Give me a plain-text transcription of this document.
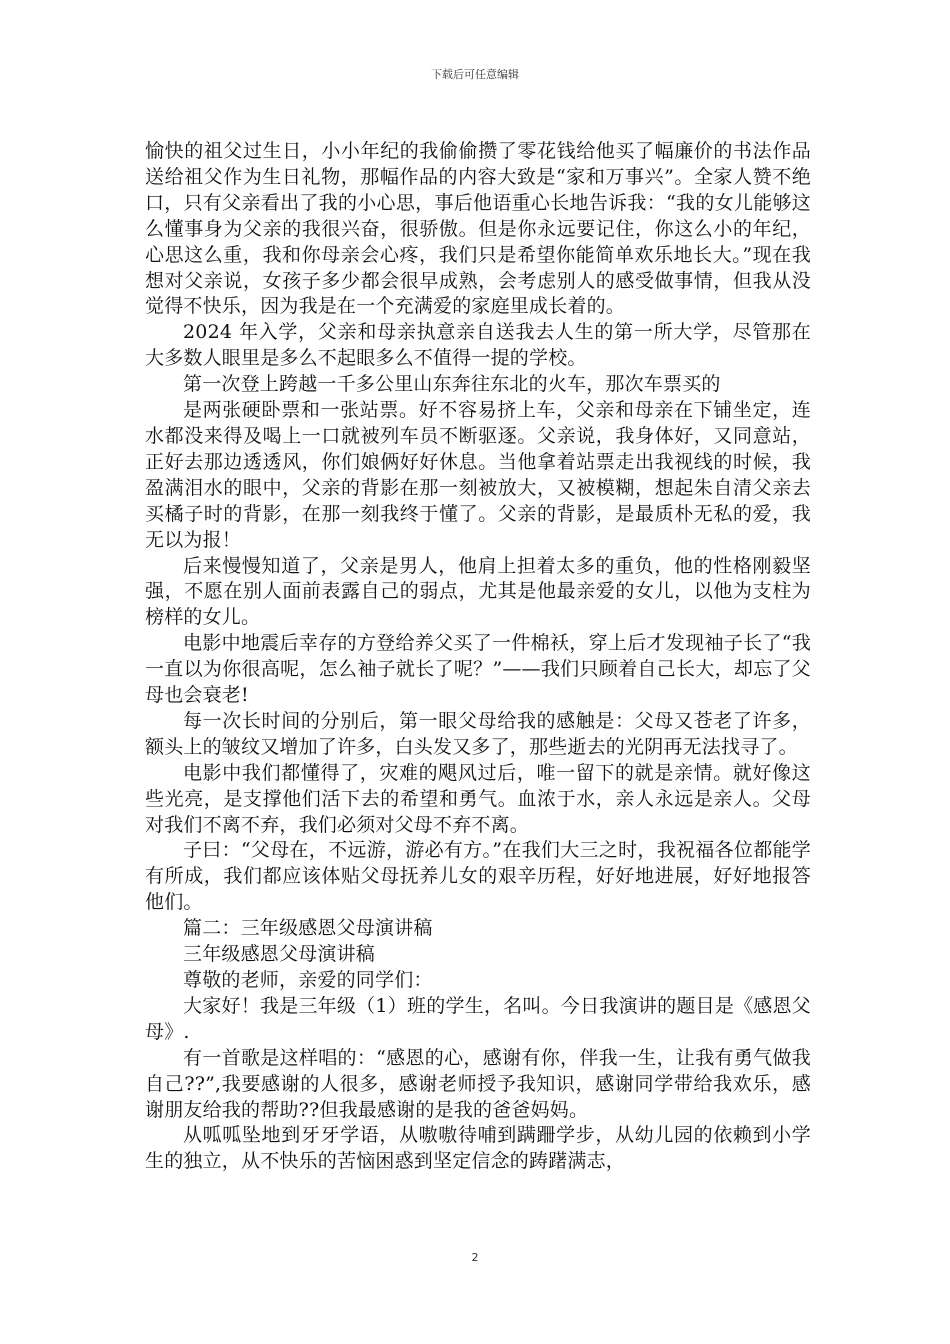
下载后可任意编辑

愉快的祖父过生日，小小年纪的我偷偷攒了零花钱给他买了幅廉价的书法作品送给祖父作为生日礼物，那幅作品的内容大致是“家和万事兴”。全家人赞不绝口，只有父亲看出了我的小心思，事后他语重心长地告诉我：“我的女儿能够这么懂事身为父亲的我很兴奋，很骄傲。但是你永远要记住，你这么小的年纪，心思这么重，我和你母亲会心疼，我们只是希望你能简单欢乐地长大。”现在我想对父亲说，女孩子多少都会很早成熟，会考虑别人的感受做事情，但我从没觉得不快乐，因为我是在一个充满爱的家庭里成长着的。

2024 年入学，父亲和母亲执意亲自送我去人生的第一所大学，尽管那在大多数人眼里是多么不起眼多么不值得一提的学校。

第一次登上跨越一千多公里山东奔往东北的火车，那次车票买的

是两张硬卧票和一张站票。好不容易挤上车，父亲和母亲在下铺坐定，连水都没来得及喝上一口就被列车员不断驱逐。父亲说，我身体好，又同意站，正好去那边透透风，你们娘俩好好休息。当他拿着站票走出我视线的时候，我盈满泪水的眼中，父亲的背影在那一刻被放大，又被模糊，想起朱自清父亲去买橘子时的背影，在那一刻我终于懂了。父亲的背影，是最质朴无私的爱，我无以为报！

后来慢慢知道了，父亲是男人，他肩上担着太多的重负，他的性格刚毅坚强，不愿在别人面前表露自己的弱点，尤其是他最亲爱的女儿，以他为支柱为榜样的女儿。

电影中地震后幸存的方登给养父买了一件棉袄，穿上后才发现袖子长了“我一直以为你很高呢，怎么袖子就长了呢？”——我们只顾着自己长大，却忘了父母也会衰老!

每一次长时间的分别后，第一眼父母给我的感触是：父母又苍老了许多，额头上的皱纹又增加了许多，白头发又多了，那些逝去的光阴再无法找寻了。

电影中我们都懂得了，灾难的飓风过后，唯一留下的就是亲情。就好像这些光亮，是支撑他们活下去的希望和勇气。血浓于水，亲人永远是亲人。父母对我们不离不弃，我们必须对父母不弃不离。

子曰：“父母在，不远游，游必有方。”在我们大三之时，我祝福各位都能学有所成，我们都应该体贴父母抚养儿女的艰辛历程，好好地进展，好好地报答他们。

篇二：三年级感恩父母演讲稿

三年级感恩父母演讲稿

尊敬的老师，亲爱的同学们：

大家好！我是三年级（1）班的学生，名叫。今日我演讲的题目是《感恩父母》.

有一首歌是这样唱的：“感恩的心，感谢有你，伴我一生，让我有勇气做我自己??”,我要感谢的人很多，感谢老师授予我知识，感谢同学带给我欢乐，感谢朋友给我的帮助??但我最感谢的是我的爸爸妈妈。

从呱呱坠地到牙牙学语，从嗷嗷待哺到蹒跚学步，从幼儿园的依赖到小学生的独立，从不快乐的苦恼困惑到坚定信念的踌躇满志，

2
